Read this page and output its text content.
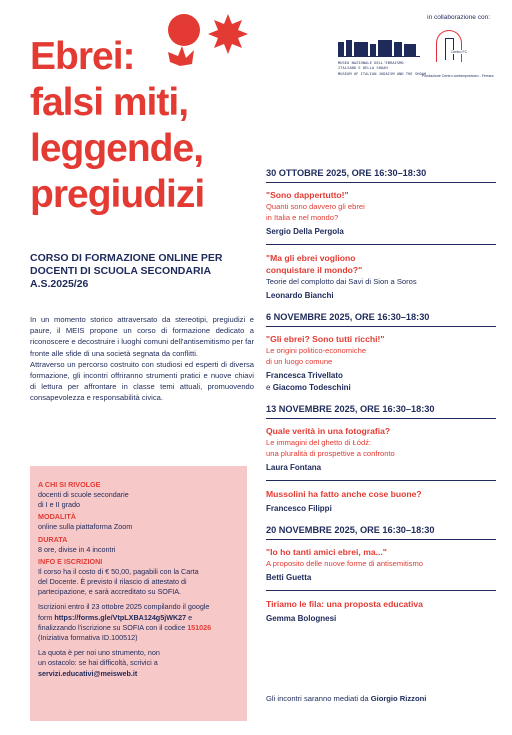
in collaborazione con:
MUSEO NAZIONALE DELL'EBRAISMO
ITALIANO E DELLA SHOAH
MUSEUM OF ITALIAN JUDAISM AND THE SHOAH
Centro FC
Fondazione Centro contemporaneo - Ferrara
Ebrei:
falsi miti,
leggende,
pregiudizi
CORSO DI FORMAZIONE ONLINE PER
DOCENTI DI SCUOLA SECONDARIA
A.S.2025/26

In un momento storico attraversato da stereotipi, pregiudizi e paure, il MEIS propone un corso di formazione dedicato a riconoscere e decostruire i luoghi comuni dell'antisemitismo per far fronte alle sfide di una società segnata da conflitti.

Attraverso un percorso costruito con studiosi ed esperti di diversa formazione, gli incontri offriranno strumenti pratici e nuove chiavi di lettura per affrontare in classe temi attuali, promuovendo consapevolezza e responsabilità civica.

A CHI SI RIVOLGE
docenti di scuole secondarie
di I e II grado
MODALITÀ
online sulla piattaforma Zoom
DURATA
8 ore, divise in 4 incontri
INFO E ISCRIZIONI
Il corso ha il costo di € 50,00, pagabili con la Carta
del Docente. È previsto il rilascio di attestato di
partecipazione, e sarà accreditato su SOFIA.
Iscrizioni entro il 23 ottobre 2025 compilando il google
form https://forms.gle/VtpLXBA124g5jWK27 e
finalizzando l'iscrizione su SOFIA con il codice 151026
(Iniziativa formativa ID.100512)
La quota è per noi uno strumento, non
un ostacolo: se hai difficoltà, scrivici a
servizi.educativi@meisweb.it
30 OTTOBRE 2025, ORE 16:30–18:30
"Sono dappertutto!"
Quanti sono davvero gli ebrei
in Italia e nel mondo?
Sergio Della Pergola
"Ma gli ebrei vogliono
conquistare il mondo?"
Teorie del complotto dai Savi di Sion a Soros
Leonardo Bianchi
6 NOVEMBRE 2025, ORE 16:30–18:30
"Gli ebrei? Sono tutti ricchi!"
Le origini politico-economiche
di un luogo comune
Francesca Trivellato
e Giacomo Todeschini
13 NOVEMBRE 2025, ORE 16:30–18:30
Quale verità in una fotografia?
Le immagini del ghetto di Łódź:
una pluralità di prospettive a confronto
Laura Fontana
Mussolini ha fatto anche cose buone?
Francesco Filippi
20 NOVEMBRE 2025, ORE 16:30–18:30
"Io ho tanti amici ebrei, ma..."
A proposito delle nuove forme di antisemitismo
Betti Guetta
Tiriamo le fila: una proposta educativa
Gemma Bolognesi
Gli incontri saranno mediati da Giorgio Rizzoni
